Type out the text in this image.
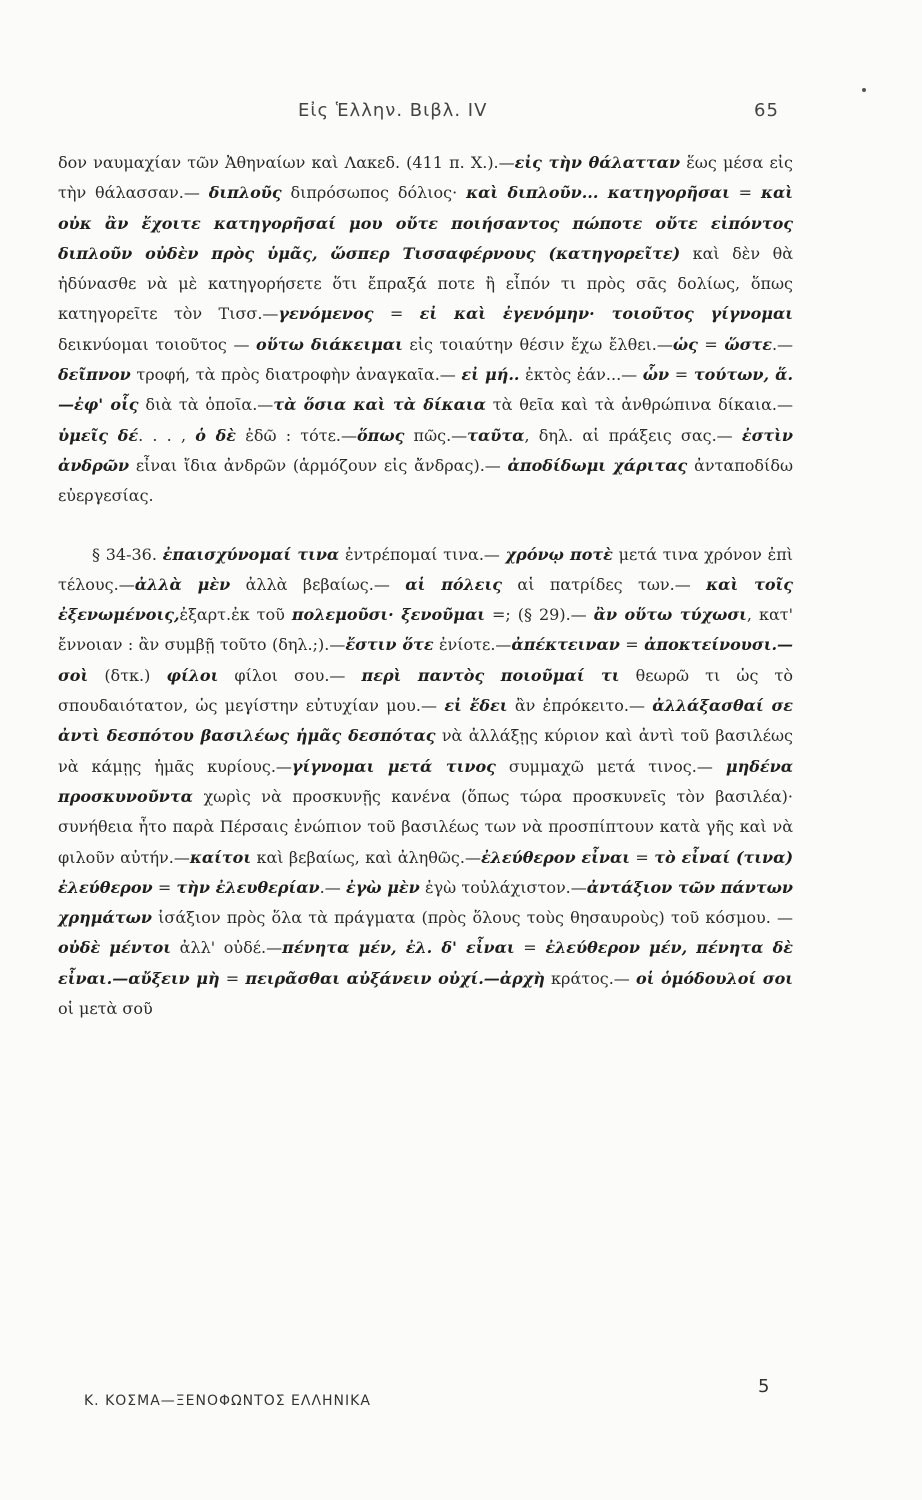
Εἰς Ἑλλην. Βιβλ. IV	65

δον ναυμαχίαν τῶν Ἀθηναίων καὶ Λακεδ. (411 π. Χ.).—εἰς τὴν θάλατταν ἕως μέσα εἰς τὴν θάλασσαν.— διπλοῦς διπρόσωπος δόλιος· καὶ διπλοῦν... κατηγορῆσαι = καὶ οὐκ ἂν ἔχοιτε κατηγορῆσαί μου οὔτε ποιήσαντος πώποτε οὔτε εἰπόντος διπλοῦν οὐδὲν πρὸς ὑμᾶς, ὥσπερ Τισσαφέρνους (κατηγορεῖτε) καὶ δὲν θὰ ἠδύνασθε νὰ μὲ κατηγορήσετε ὅτι ἔπραξά ποτε ἢ εἶπόν τι πρὸς σᾶς δολίως, ὅπως κατηγορεῖτε τὸν Τισσ.—γενόμενος = εἰ καὶ ἐγενόμην· τοιοῦτος γίγνομαι δεικνύομαι τοιοῦτος — οὕτω διάκειμαι εἰς τοιαύτην θέσιν ἔχω ἔλθει.—ὡς = ὥστε.—δεῖπνον τροφή, τὰ πρὸς διατροφὴν ἀναγκαῖα.— εἰ μή.. ἐκτὸς ἐάν...— ὧν = τούτων, ἅ.—ἐφ' οἷς διὰ τὰ ὁποῖα.—τὰ ὅσια καὶ τὰ δίκαια τὰ θεῖα καὶ τὰ ἀνθρώπινα δίκαια.— ὑμεῖς δέ. . . , ὁ δὲ ἐδῶ : τότε.—ὅπως πῶς.—ταῦτα, δηλ. αἱ πράξεις σας.— ἐστὶν ἀνδρῶν εἶναι ἴδια ἀνδρῶν (ἁρμόζουν εἰς ἄνδρας).— ἀποδίδωμι χάριτας ἀνταποδίδω εὐεργεσίας.

§ 34-36. ἐπαισχύνομαί τινα ἐντρέπομαί τινα.— χρόνῳ ποτὲ μετά τινα χρόνον ἐπὶ τέλους.—ἀλλὰ μὲν ἀλλὰ βεβαίως.— αἱ πόλεις αἱ πατρίδες των.— καὶ τοῖς ἐξενωμένοις,ἐξαρτ.ἐκ τοῦ πολεμοῦσι· ξενοῦμαι =; (§ 29).— ἂν οὕτω τύχωσι, κατ' ἔννοιαν : ἂν συμβῇ τοῦτο (δηλ.;).—ἔστιν ὅτε ἐνίοτε.—ἀπέκτειναν = ἀποκτείνουσι.—σοὶ (δτκ.) φίλοι φίλοι σου.— περὶ παντὸς ποιοῦμαί τι θεωρῶ τι ὡς τὸ σπουδαιότατον, ὡς μεγίστην εὐτυχίαν μου.— εἰ ἔδει ἂν ἐπρόκειτο.— ἀλλάξασθαί σε ἀντὶ δεσπότου βασιλέως ἡμᾶς δεσπότας νὰ ἀλλάξῃς κύριον καὶ ἀντὶ τοῦ βασιλέως νὰ κάμῃς ἡμᾶς κυρίους.—γίγνομαι μετά τινος συμμαχῶ μετά τινος.— μηδένα προσκυνοῦντα χωρὶς νὰ προσκυνῇς κανένα (ὅπως τώρα προσκυνεῖς τὸν βασιλέα)· συνήθεια ἦτο παρὰ Πέρσαις ἐνώπιον τοῦ βασιλέως των νὰ προσπίπτουν κατὰ γῆς καὶ νὰ φιλοῦν αὐτήν.—καίτοι καὶ βεβαίως, καὶ ἀληθῶς.—ἐλεύθερον εἶναι = τὸ εἶναί (τινα) ἐλεύθερον = τὴν ἐλευθερίαν.— ἐγὼ μὲν ἐγὼ τοὐλάχιστον.—ἀντάξιον τῶν πάντων χρημάτων ἰσάξιον πρὸς ὅλα τὰ πράγματα (πρὸς ὅλους τοὺς θησαυροὺς) τοῦ κόσμου. —οὐδὲ μέντοι ἀλλ' οὐδέ.—πένητα μέν, ἐλ. δ' εἶναι = ἐλεύθερον μέν, πένητα δὲ εἶναι.—αὔξειν μὴ = πειρᾶσθαι αὐξάνειν οὐχί.—ἀρχὴ κράτος.— οἱ ὁμόδουλοί σοι οἱ μετὰ σοῦ

Κ. ΚΟΣΜΑ—ΞΕΝΟΦΩΝΤΟΣ ΕΛΛΗΝΙΚΑ
5
